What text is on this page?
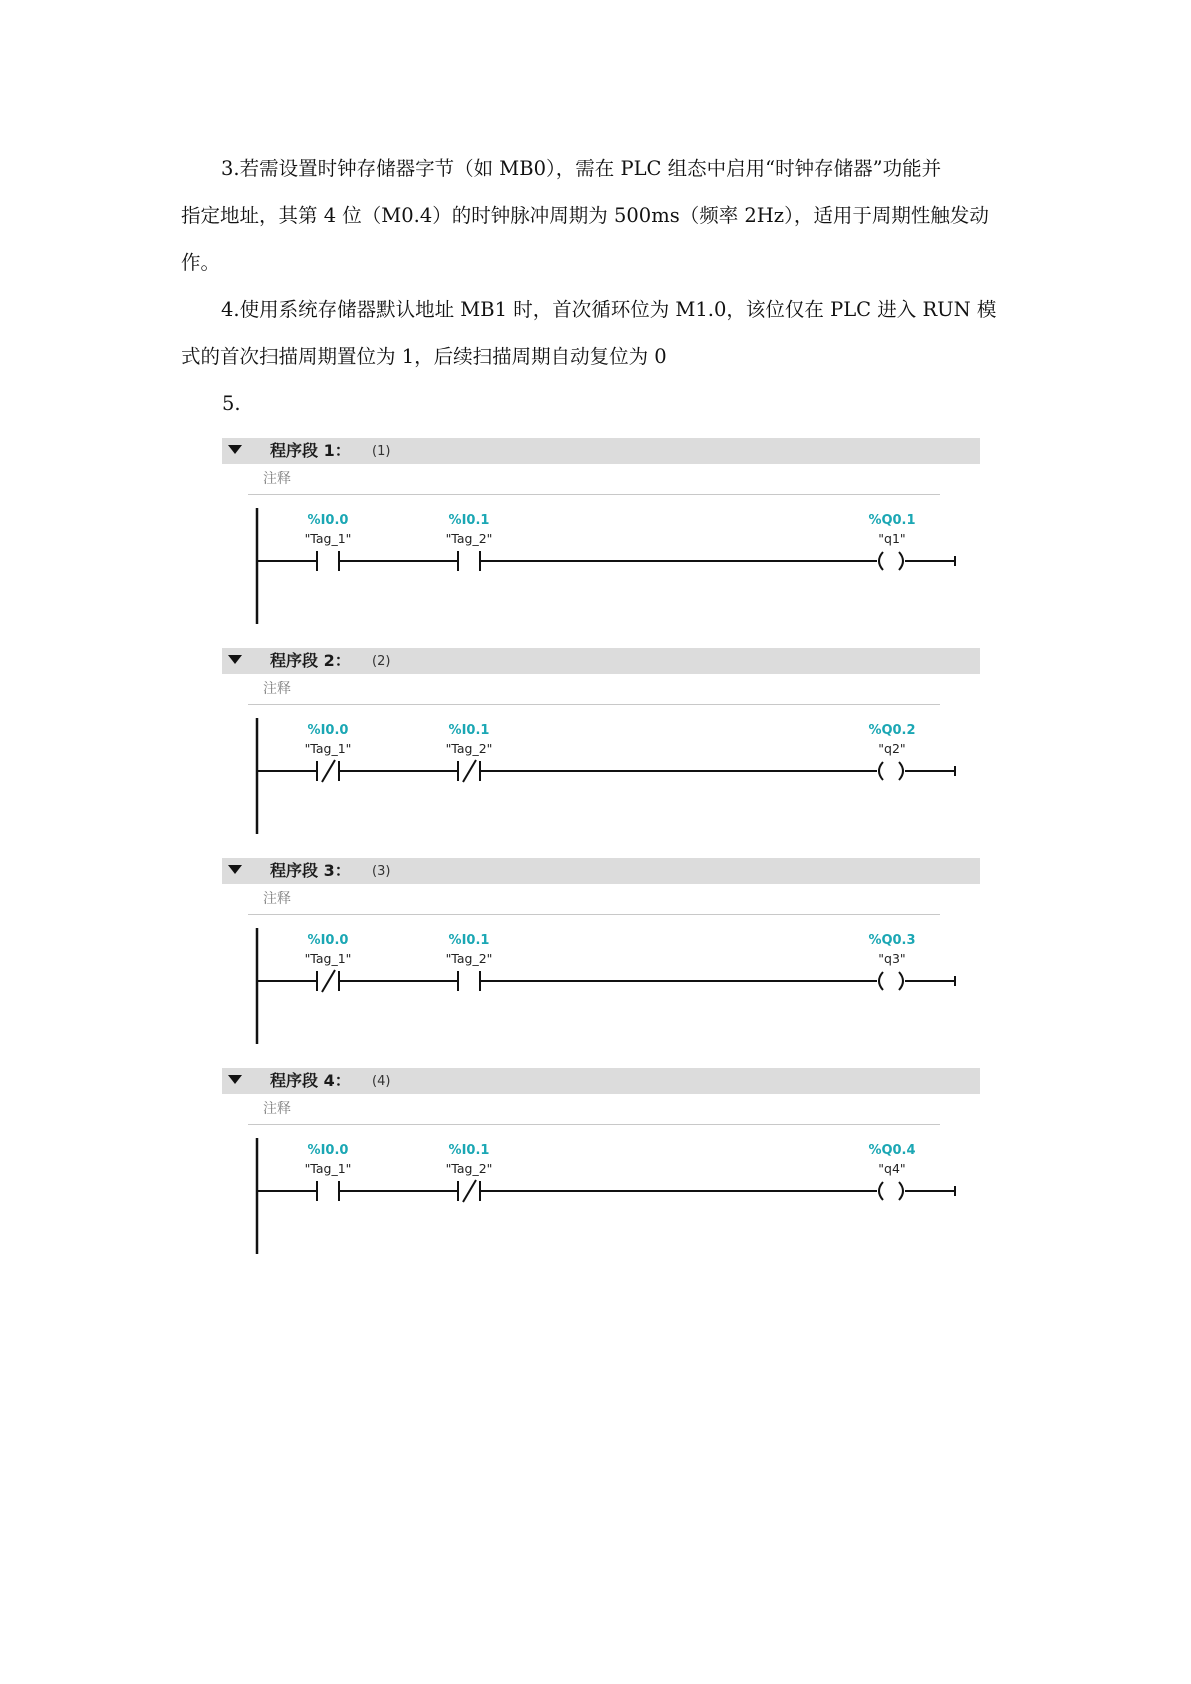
3.若需设置时钟存储器字节（如 MB0），需在 PLC 组态中启用“时钟存储器”功能并
指定地址，其第 4 位（M0.4）的时钟脉冲周期为 500ms（频率 2Hz），适用于周期性触发动
作。
4.使用系统存储器默认地址 MB1 时，首次循环位为 M1.0，该位仅在 PLC 进入 RUN 模
式的首次扫描周期置位为 1，后续扫描周期自动复位为 0
5.
程序段 1： (1)
注释
%I0.0
"Tag_1"
%I0.1
"Tag_2"
%Q0.1
"q1"
程序段 2： (2)
注释
%I0.0
"Tag_1"
%I0.1
"Tag_2"
%Q0.2
"q2"
程序段 3： (3)
注释
%I0.0
"Tag_1"
%I0.1
"Tag_2"
%Q0.3
"q3"
程序段 4： (4)
注释
%I0.0
"Tag_1"
%I0.1
"Tag_2"
%Q0.4
"q4"
